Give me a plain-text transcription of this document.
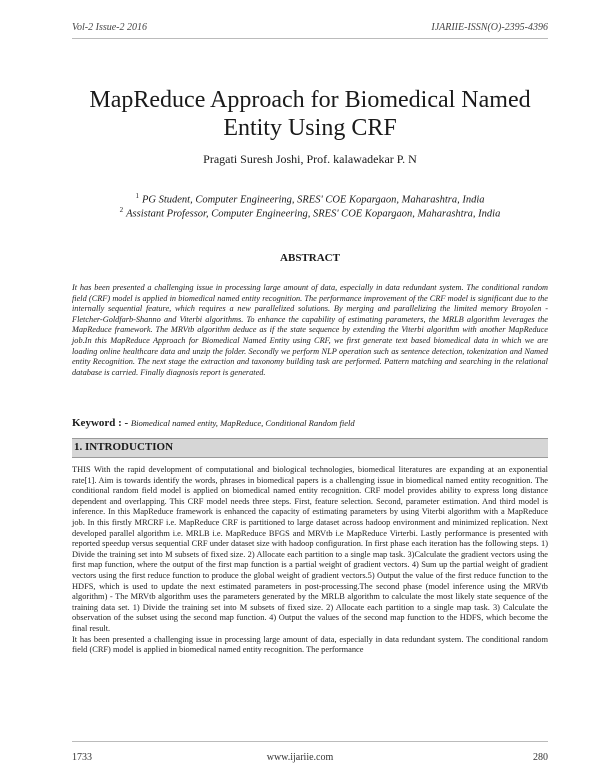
Vol-2 Issue-2 2016	IJARIIE-ISSN(O)-2395-4396
MapReduce Approach for Biomedical Named Entity Using CRF
Pragati Suresh Joshi, Prof. kalawadekar P. N
$^1$ PG Student, Computer Engineering, SRES' COE Kopargaon, Maharashtra, India
$^2$ Assistant Professor, Computer Engineering, SRES' COE Kopargaon, Maharashtra, India
ABSTRACT
It has been presented a challenging issue in processing large amount of data, especially in data redundant system. The conditional random field (CRF) model is applied in biomedical named entity recognition. The performance improvement of the CRF model is significant due to the internally sequential feature, which requires a new parallelized solutions. By merging and parallelizing the limited memory Broyolen -Fletcher-Goldfarb-Shanno and Viterbi algorithms. To enhance the capability of estimating parameters, the MRLB algorithm leverages the MapReduce framework. The MRVtb algorithm deduce as if the state sequence by extending the Viterbi algorithm with another MapReduce job.In this MapReduce Approach for Biomedical Named Entity using CRF, we first generate text based biomedical data in which we are loading online healthcare data and unzip the folder. Secondly we perform NLP operation such as sentence detection, tokenization and Named entity Recognition. The next stage the extraction and taxonomy building task are performed. Pattern matching and searching in the relational database is carried. Finally diagnosis report is generated.
Keyword : - Biomedical named entity, MapReduce, Conditional Random field
1. INTRODUCTION

THIS With the rapid development of computational and biological technologies, biomedical literatures are expanding at an exponential rate[1]. Aim is towards identify the words, phrases in biomedical papers is a challenging issue in biomedical named entity recognition. The conditional random field model is applied on biomedical named entity recognition. CRF model provides ability to express long distance dependent and overlapping. This CRF model needs three steps. First, feature selection. Second, parameter estimation. And third model is inference. In this MapReduce framework is enhanced the capacity of estimating parameters by using Viterbi algorithm with a MapReduce job. In this firstly MRCRF i.e. MapReduce CRF is partitioned to large dataset across hadoop environment and minimized replication. Next developed parallel algorithm i.e. MRLB i.e. MapReduce BFGS and MRVtb i.e MapReduce Virterbi. Lastly performance is presented with reported speedup versus sequential CRF under dataset size with hadoop configuration. In first phase each iteration has the following steps. 1) Divide the training set into M subsets of fixed size. 2) Allocate each partition to a single map task. 3)Calculate the gradient vectors using the first map function, where the output of the first map function is a partial weight of gradient vectors. 4) Sum up the partial weight of gradient vectors using the first reduce function to produce the global weight of gradient vectors.5) Output the value of the first reduce function to the HDFS, which is used to update the next estimated parameters in post-processing.The second phase (model inference using the MRVtb algorithm) - The MRVtb algorithm uses the parameters generated by the MRLB algorithm to calculate the most likely state sequence of the training data set. 1) Divide the training set into M subsets of fixed size. 2) Allocate each partition to a single map task. 3) Calculate the observation of the subset using the second map function. 4) Output the values of the second map function to the HDFS, which become the final result.

It has been presented a challenging issue in processing large amount of data, especially in data redundant system. The conditional random field (CRF) model is applied in biomedical named entity recognition. The performance

1733	www.ijariie.com	280
